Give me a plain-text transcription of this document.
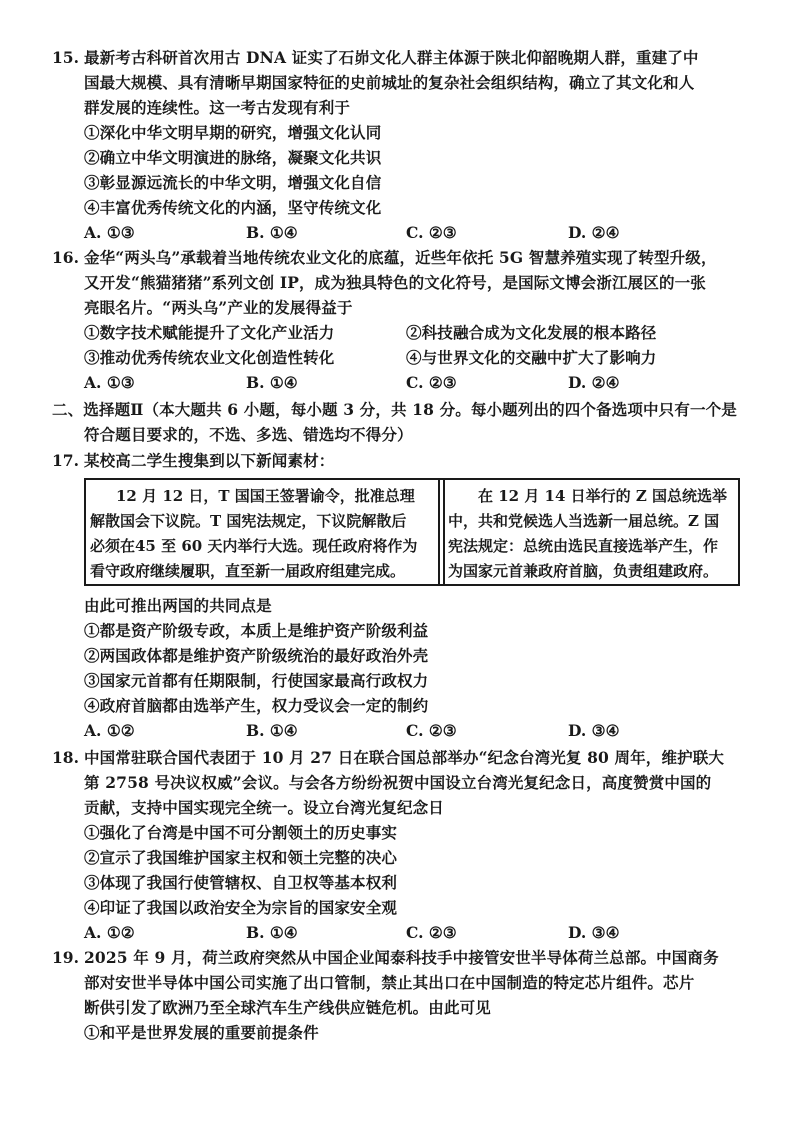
15. 最新考古科研首次用古 DNA 证实了石峁文化人群主体源于陕北仰韶晚期人群，重建了中
国最大规模、具有清晰早期国家特征的史前城址的复杂社会组织结构，确立了其文化和人
群发展的连续性。这一考古发现有利于
①深化中华文明早期的研究，增强文化认同
②确立中华文明演进的脉络，凝聚文化共识
③彰显源远流长的中华文明，增强文化自信
④丰富优秀传统文化的内涵，坚守传统文化
A. ①③	B. ①④	C. ②③	D. ②④
16. 金华“两头乌”承载着当地传统农业文化的底蕴，近些年依托 5G 智慧养殖实现了转型升级，
又开发“熊猫猪猪”系列文创 IP，成为独具特色的文化符号，是国际文博会浙江展区的一张
亮眼名片。“两头乌”产业的发展得益于
①数字技术赋能提升了文化产业活力	②科技融合成为文化发展的根本路径
③推动优秀传统农业文化创造性转化	④与世界文化的交融中扩大了影响力
A. ①③	B. ①④	C. ②③	D. ②④
二、选择题Ⅱ（本大题共 6 小题，每小题 3 分，共 18 分。每小题列出的四个备选项中只有一个是
符合题目要求的，不选、多选、错选均不得分）
17. 某校高二学生搜集到以下新闻素材：
12 月 12 日，T 国国王签署谕令，批准总理
解散国会下议院。T 国宪法规定，下议院解散后
必须在45 至 60 天内举行大选。现任政府将作为
看守政府继续履职，直至新一届政府组建完成。
在 12 月 14 日举行的 Z 国总统选举
中，共和党候选人当选新一届总统。Z 国
宪法规定：总统由选民直接选举产生，作
为国家元首兼政府首脑，负责组建政府。
由此可推出两国的共同点是
①都是资产阶级专政，本质上是维护资产阶级利益
②两国政体都是维护资产阶级统治的最好政治外壳
③国家元首都有任期限制，行使国家最高行政权力
④政府首脑都由选举产生，权力受议会一定的制约
A. ①②	B. ①④	C. ②③	D. ③④
18. 中国常驻联合国代表团于 10 月 27 日在联合国总部举办“纪念台湾光复 80 周年，维护联大
第 2758 号决议权威”会议。与会各方纷纷祝贺中国设立台湾光复纪念日，高度赞赏中国的
贡献，支持中国实现完全统一。设立台湾光复纪念日
①强化了台湾是中国不可分割领土的历史事实
②宣示了我国维护国家主权和领土完整的决心
③体现了我国行使管辖权、自卫权等基本权利
④印证了我国以政治安全为宗旨的国家安全观
A. ①②	B. ①④	C. ②③	D. ③④
19. 2025 年 9 月，荷兰政府突然从中国企业闻泰科技手中接管安世半导体荷兰总部。中国商务
部对安世半导体中国公司实施了出口管制，禁止其出口在中国制造的特定芯片组件。芯片
断供引发了欧洲乃至全球汽车生产线供应链危机。由此可见
①和平是世界发展的重要前提条件
